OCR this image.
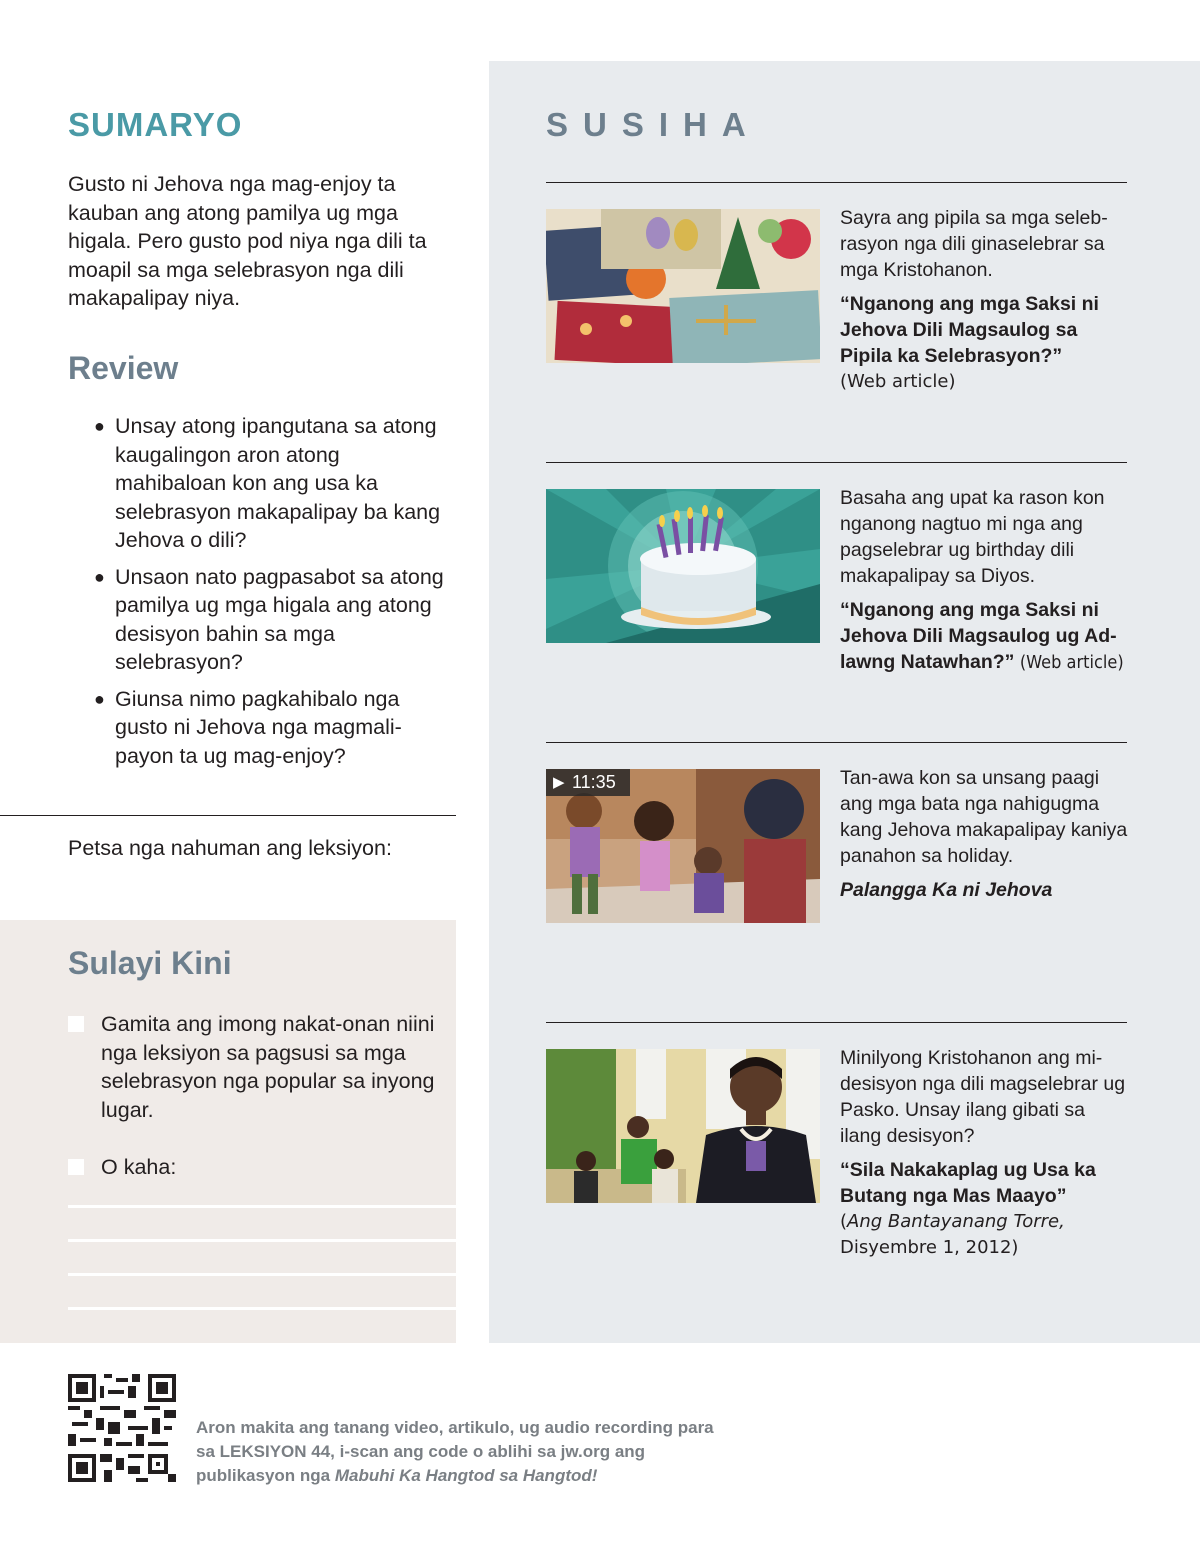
SUMARYO

Gusto ni Jehova nga mag-enjoy ta kauban ang atong pamilya ug mga higala. Pero gusto pod niya nga dili ta moapil sa mga selebrasyon nga dili makapalipay niya.

Review
● Unsay atong ipangutana sa atong kaugalingon aron atong mahibaloan kon ang usa ka selebrasyon makapalipay ba kang Jehova o dili?
● Unsaon nato pagpasabot sa atong pamilya ug mga higala ang atong desisyon bahin sa mga selebrasyon?
● Giunsa nimo pagkahibalo nga gusto ni Jehova nga magmali-payon ta ug mag-enjoy?

Petsa nga nahuman ang leksiyon:

Sulayi Kini
Gamita ang imong nakat-onan niini nga leksiyon sa pagsusi sa mga selebrasyon nga popular sa inyong lugar.
O kaha:
SUSIHA

Sayra ang pipila sa mga seleb-rasyon nga dili ginaselebrar sa mga Kristohanon.

“Nganong ang mga Saksi ni Jehova Dili Magsaulog sa Pipila ka Selebrasyon?”

(Web article)

Basaha ang upat ka rason kon nganong nagtuo mi nga ang pagselebrar ug birthday dili makapalipay sa Diyos.

“Nganong ang mga Saksi ni Jehova Dili Magsaulog ug Ad-lawng Natawhan?” (Web article)

▶ 11:35	Tan-awa kon sa unsang paagi ang mga bata nga nahigugma kang Jehova makapalipay kaniya panahon sa holiday.

Palangga Ka ni Jehova

Minilyong Kristohanon ang mi-desisyon nga dili magselebrar ug Pasko. Unsay ilang gibati sa ilang desisyon?

“Sila Nakakaplag ug Usa ka Butang nga Mas Maayo”

(Ang Bantayanang Torre,
Disyembre 1, 2012)

Aron makita ang tanang video, artikulo, ug audio recording para sa LEKSIYON 44, i-scan ang code o ablihi sa jw.org ang publikasyon nga Mabuhi Ka Hangtod sa Hangtod!
